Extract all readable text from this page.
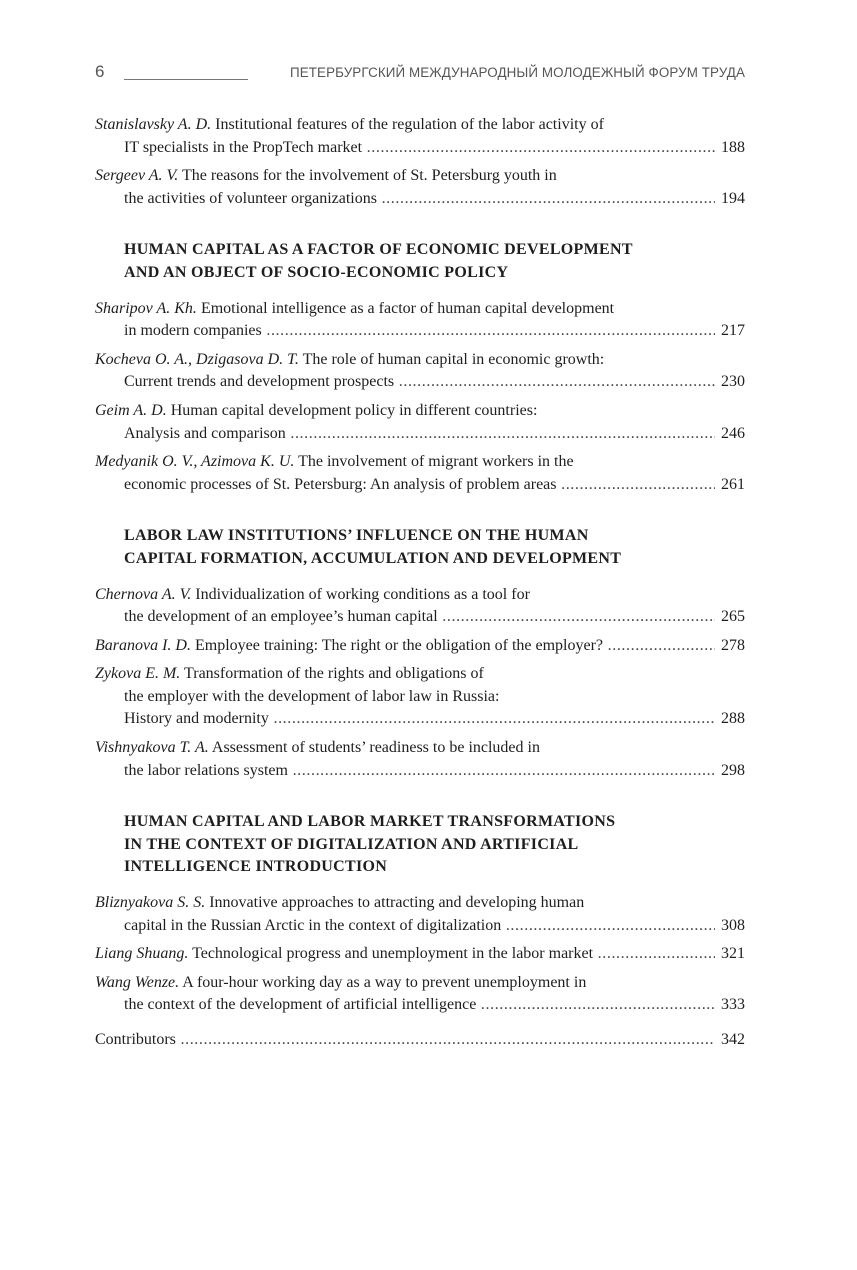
6	ПЕТЕРБУРГСКИЙ МЕЖДУНАРОДНЫЙ МОЛОДЕЖНЫЙ ФОРУМ ТРУДА
Stanislavsky A. D. Institutional features of the regulation of the labor activity of
IT specialists in the PropTech market .....	188
Sergeev A. V. The reasons for the involvement of St. Petersburg youth in
the activities of volunteer organizations .....	194
HUMAN CAPITAL AS A FACTOR OF ECONOMIC DEVELOPMENT
AND AN OBJECT OF SOCIO-ECONOMIC POLICY
Sharipov A. Kh. Emotional intelligence as a factor of human capital development
in modern companies .....	217
Kocheva O. A., Dzigasova D. T. The role of human capital in economic growth:
Current trends and development prospects .....	230
Geim A. D. Human capital development policy in different countries:
Analysis and comparison .....	246
Medyanik O. V., Azimova K. U. The involvement of migrant workers in the
economic processes of St. Petersburg: An analysis of problem areas .....	261
LABOR LAW INSTITUTIONS’ INFLUENCE ON THE HUMAN
CAPITAL FORMATION, ACCUMULATION AND DEVELOPMENT
Chernova A. V. Individualization of working conditions as a tool for
the development of an employee’s human capital .....	265
Baranova I. D. Employee training: The right or the obligation of the employer? .....	278
Zykova E. M. Transformation of the rights and obligations of
the employer with the development of labor law in Russia:
History and modernity .....	288
Vishnyakova T. A. Assessment of students’ readiness to be included in
the labor relations system .....	298
HUMAN CAPITAL AND LABOR MARKET TRANSFORMATIONS
IN THE CONTEXT OF DIGITALIZATION AND ARTIFICIAL
INTELLIGENCE INTRODUCTION
Bliznyakova S. S. Innovative approaches to attracting and developing human
capital in the Russian Arctic in the context of digitalization .....	308
Liang Shuang. Technological progress and unemployment in the labor market .....	321
Wang Wenze. A four-hour working day as a way to prevent unemployment in
the context of the development of artificial intelligence .....	333
Contributors .....	342
